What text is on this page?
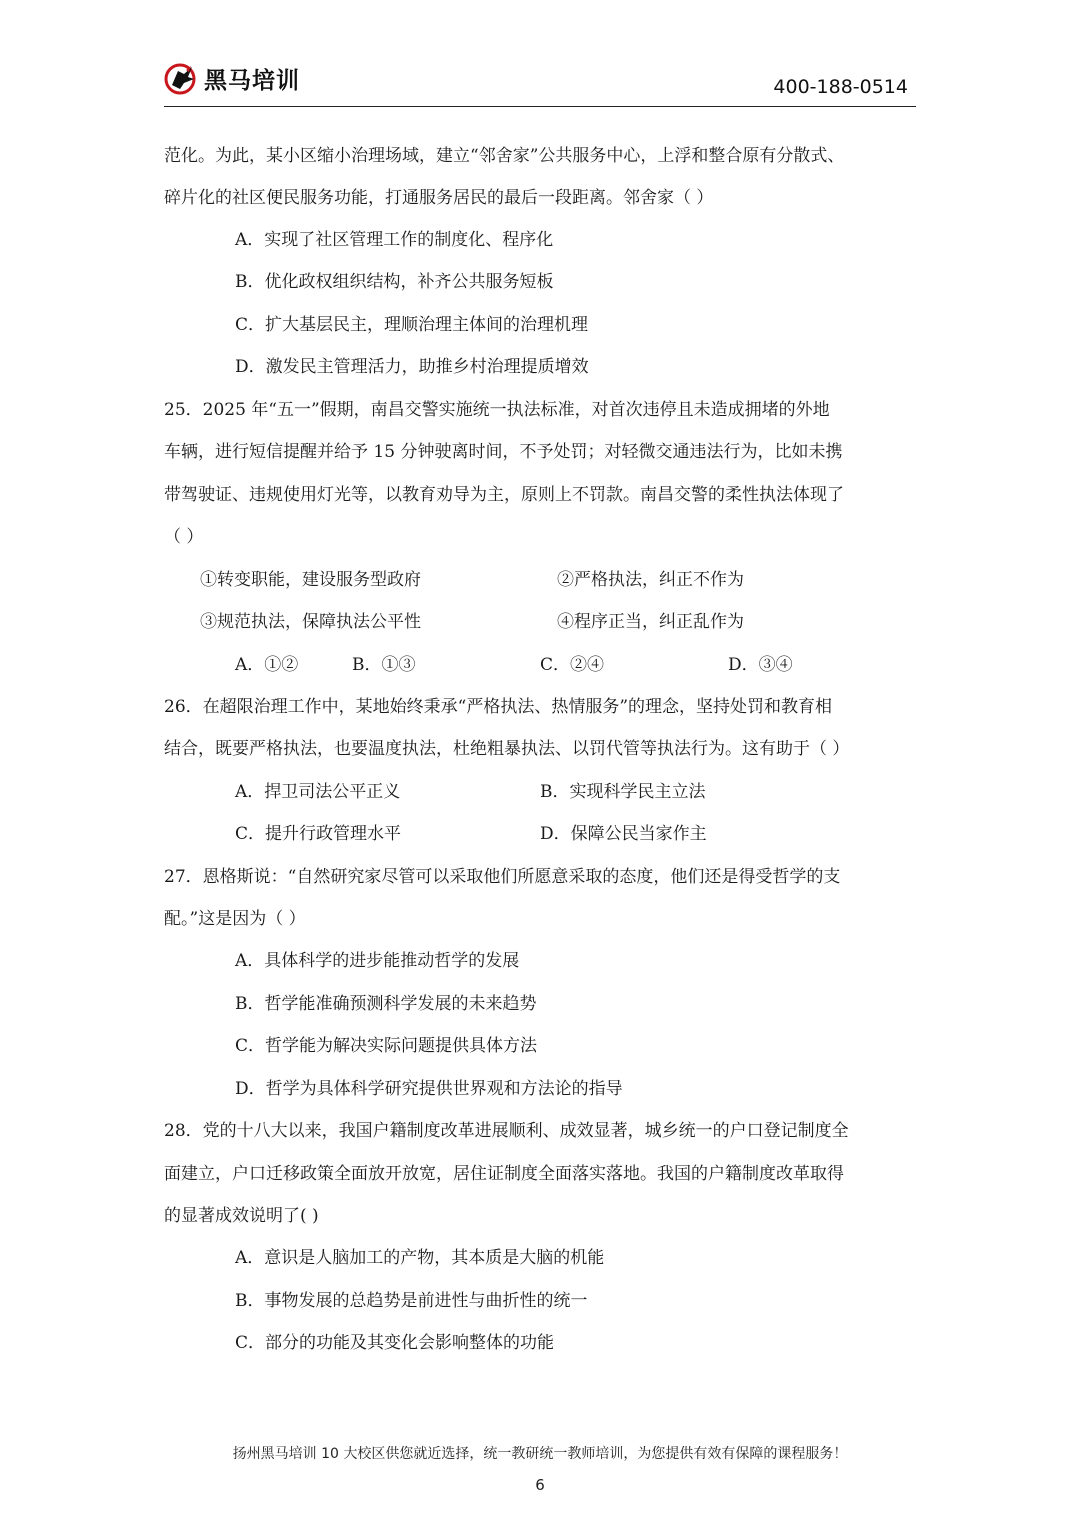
黑马培训	400-188-0514
范化。为此，某小区缩小治理场域，建立“邻舍家”公共服务中心，上浮和整合原有分散式、
碎片化的社区便民服务功能，打通服务居民的最后一段距离。邻舍家（ ）
A．实现了社区管理工作的制度化、程序化
B．优化政权组织结构，补齐公共服务短板
C．扩大基层民主，理顺治理主体间的治理机理
D．激发民主管理活力，助推乡村治理提质增效
25．2025 年“五一”假期，南昌交警实施统一执法标准，对首次违停且未造成拥堵的外地
车辆，进行短信提醒并给予 15 分钟驶离时间，不予处罚；对轻微交通违法行为，比如未携
带驾驶证、违规使用灯光等，以教育劝导为主，原则上不罚款。南昌交警的柔性执法体现了
（ ）
①转变职能，建设服务型政府	②严格执法，纠正不作为
③规范执法，保障执法公平性	④程序正当，纠正乱作为
A．①②	B．①③	C．②④	D．③④
26．在超限治理工作中，某地始终秉承“严格执法、热情服务”的理念，坚持处罚和教育相
结合，既要严格执法，也要温度执法，杜绝粗暴执法、以罚代管等执法行为。这有助于（ ）
A．捍卫司法公平正义	B．实现科学民主立法
C．提升行政管理水平	D．保障公民当家作主
27．恩格斯说：“自然研究家尽管可以采取他们所愿意采取的态度，他们还是得受哲学的支
配。”这是因为（ ）
A．具体科学的进步能推动哲学的发展
B．哲学能准确预测科学发展的未来趋势
C．哲学能为解决实际问题提供具体方法
D．哲学为具体科学研究提供世界观和方法论的指导
28．党的十八大以来，我国户籍制度改革进展顺利、成效显著，城乡统一的户口登记制度全
面建立，户口迁移政策全面放开放宽，居住证制度全面落实落地。我国的户籍制度改革取得
的显著成效说明了( )
A．意识是人脑加工的产物，其本质是大脑的机能
B．事物发展的总趋势是前进性与曲折性的统一
C．部分的功能及其变化会影响整体的功能
扬州黑马培训 10 大校区供您就近选择，统一教研统一教师培训，为您提供有效有保障的课程服务！
6
